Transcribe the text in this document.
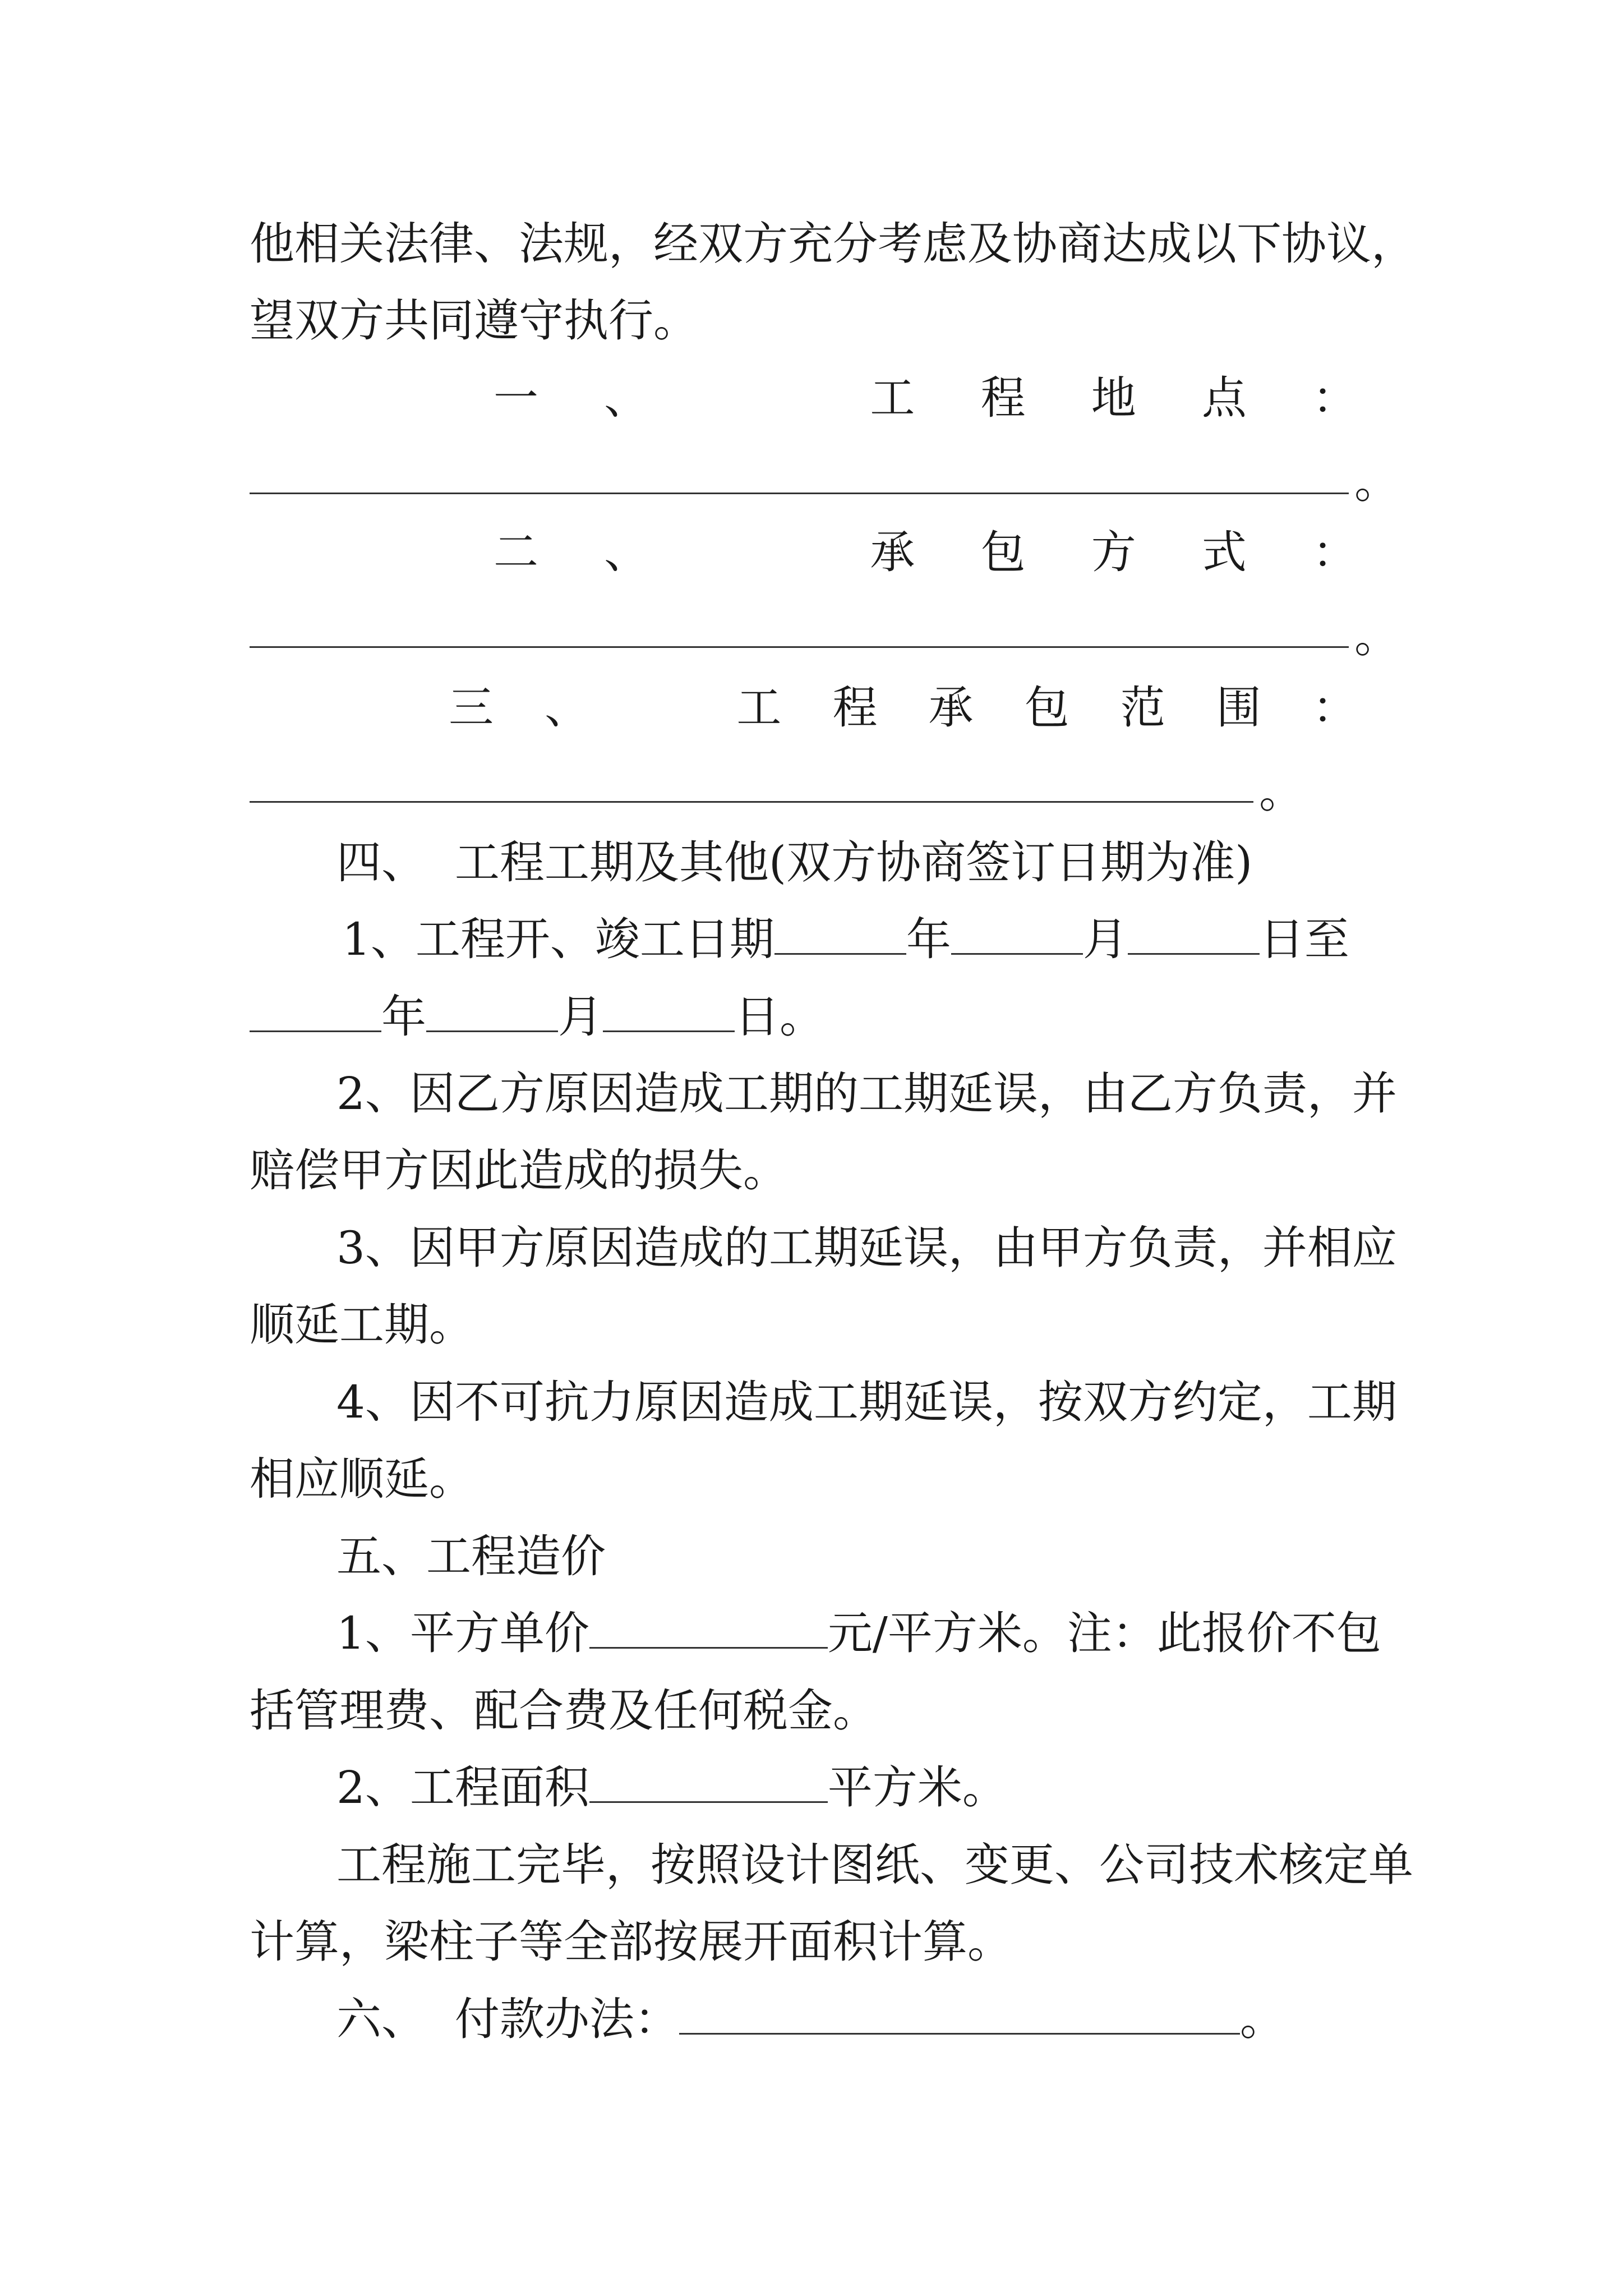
他相关法律、法规，经双方充分考虑及协商达成以下协议，
望双方共同遵守执行。
一 、	工 程 地 点 ：
。
二 、	承 包 方 式 ：
。
三 、	工 程 承 包 范 围 ：
。
四、  工程工期及其他(双方协商签订日期为准)
1、工程开、竣工日期	年	月	日至
年	月	日。
2、因乙方原因造成工期的工期延误，由乙方负责，并
赔偿甲方因此造成的损失。
3、因甲方原因造成的工期延误，由甲方负责，并相应
顺延工期。
4、因不可抗力原因造成工期延误，按双方约定，工期
相应顺延。
五、工程造价
1、平方单价	元/平方米。注：此报价不包
括管理费、配合费及任何税金。
2、工程面积	平方米。
工程施工完毕，按照设计图纸、变更、公司技术核定单
计算，梁柱子等全部按展开面积计算。
六、  付款办法：	。
